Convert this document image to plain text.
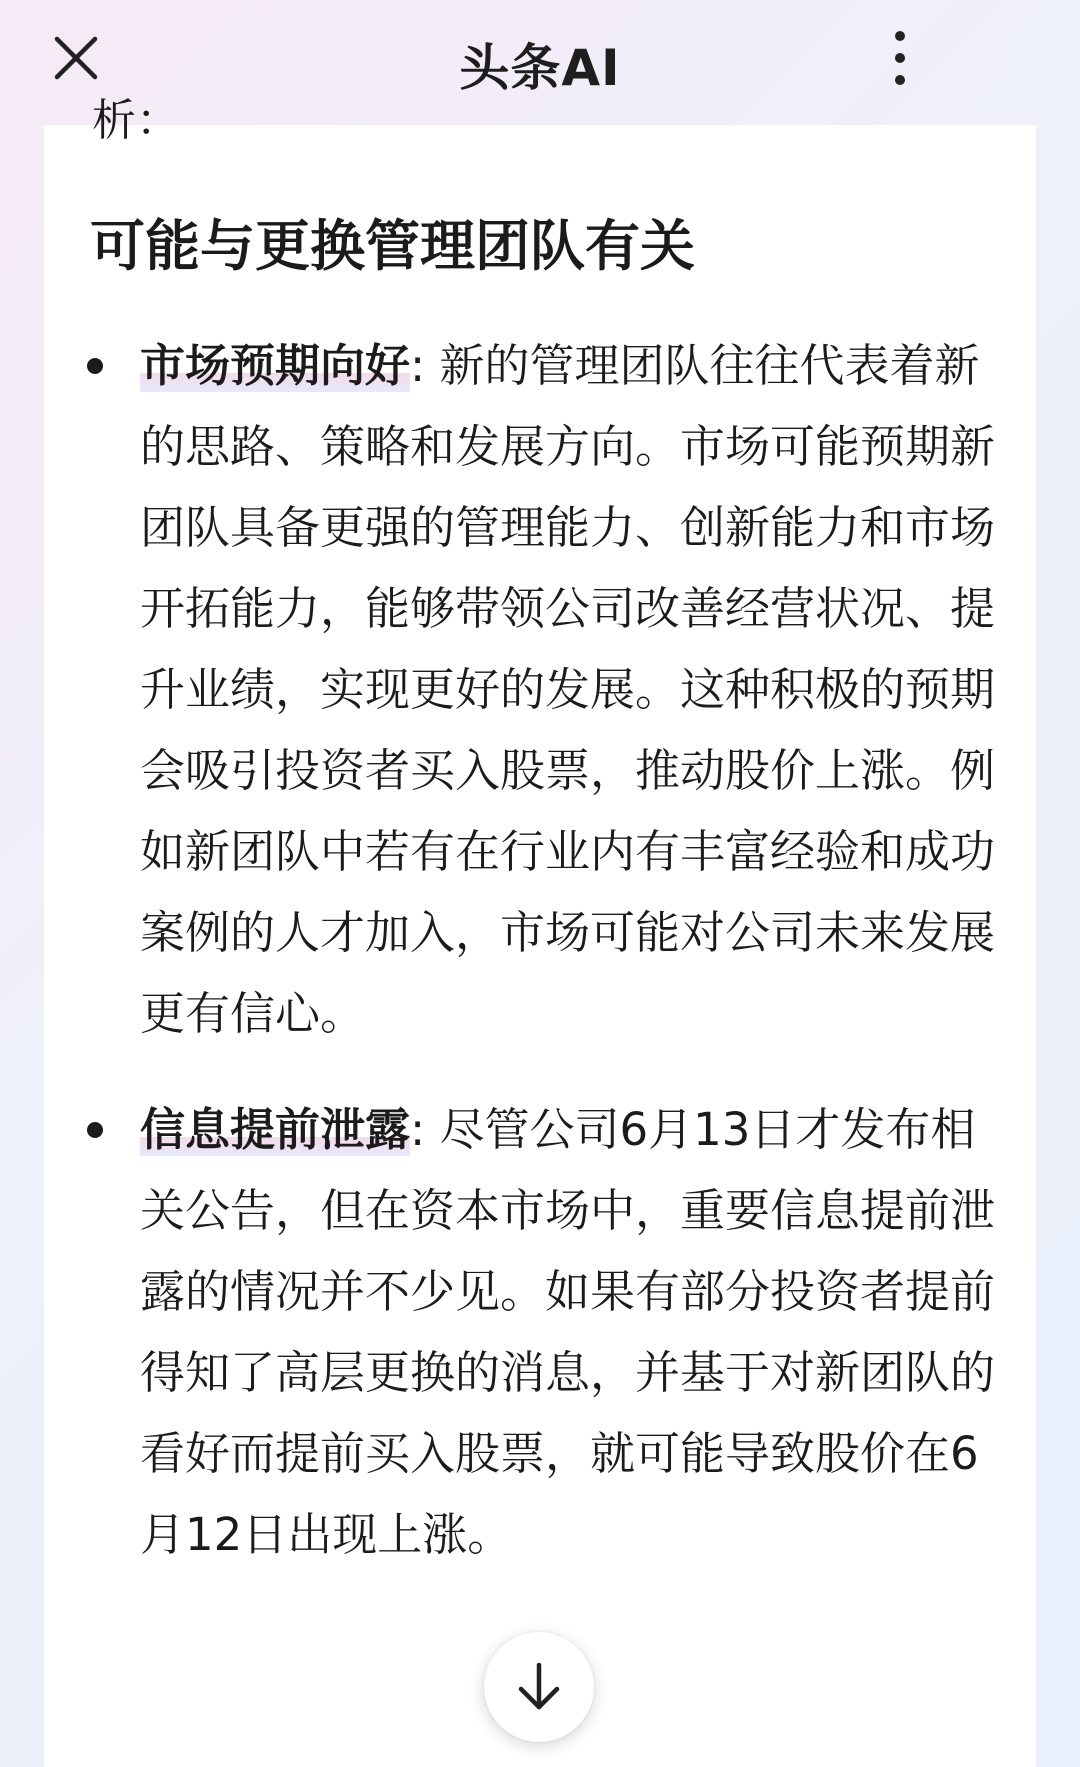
头条AI
析：
可能与更换管理团队有关
市场预期向好: 新的管理团队往往代表着新的思路、策略和发展方向。市场可能预期新团队具备更强的管理能力、创新能力和市场开拓能力，能够带领公司改善经营状况、提升业绩，实现更好的发展。这种积极的预期会吸引投资者买入股票，推动股价上涨。例如新团队中若有在行业内有丰富经验和成功案例的人才加入，市场可能对公司未来发展更有信心。
信息提前泄露: 尽管公司6月13日才发布相关公告，但在资本市场中，重要信息提前泄露的情况并不少见。如果有部分投资者提前得知了高层更换的消息，并基于对新团队的看好而提前买入股票，就可能导致股价在6月12日出现上涨。
